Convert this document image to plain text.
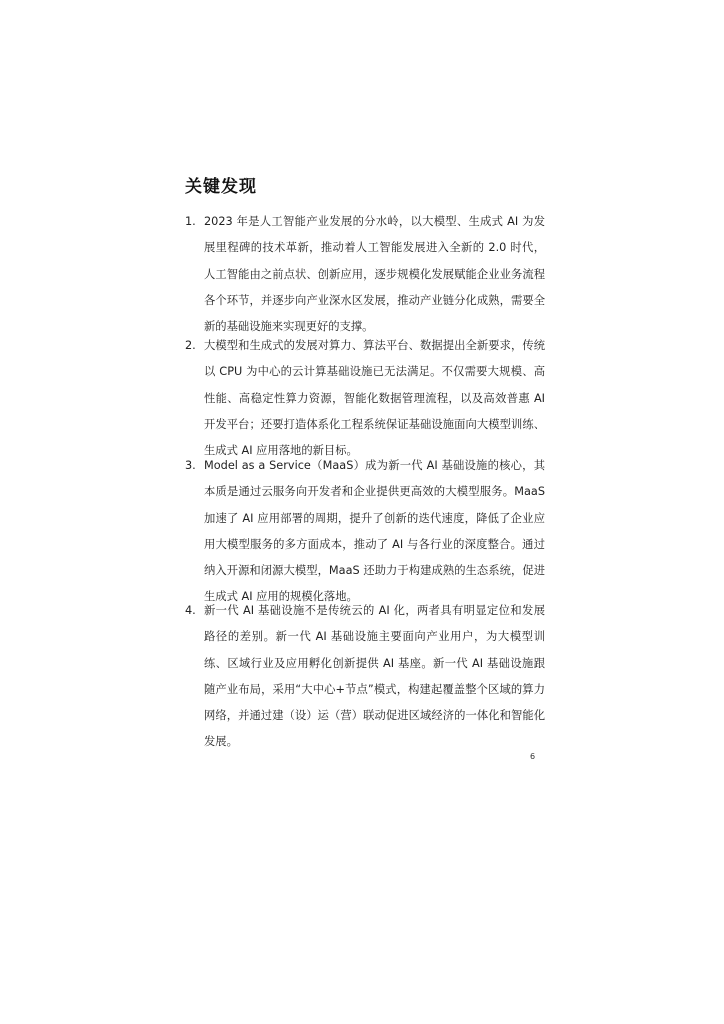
关键发现
1. 2023 年是人工智能产业发展的分水岭，以大模型、生成式 AI 为发展里程碑的技术革新，推动着人工智能发展进入全新的 2.0 时代，人工智能由之前点状、创新应用，逐步规模化发展赋能企业业务流程各个环节，并逐步向产业深水区发展，推动产业链分化成熟，需要全新的基础设施来实现更好的支撑。
2. 大模型和生成式的发展对算力、算法平台、数据提出全新要求，传统以 CPU 为中心的云计算基础设施已无法满足。不仅需要大规模、高性能、高稳定性算力资源，智能化数据管理流程，以及高效普惠 AI 开发平台；还要打造体系化工程系统保证基础设施面向大模型训练、生成式 AI 应用落地的新目标。
3. Model as a Service（MaaS）成为新一代 AI 基础设施的核心，其本质是通过云服务向开发者和企业提供更高效的大模型服务。MaaS 加速了 AI 应用部署的周期，提升了创新的迭代速度，降低了企业应用大模型服务的多方面成本，推动了 AI 与各行业的深度整合。通过纳入开源和闭源大模型，MaaS 还助力于构建成熟的生态系统，促进生成式 AI 应用的规模化落地。
4. 新一代 AI 基础设施不是传统云的 AI 化，两者具有明显定位和发展路径的差别。新一代 AI 基础设施主要面向产业用户，为大模型训练、区域行业及应用孵化创新提供 AI 基座。新一代 AI 基础设施跟随产业布局，采用“大中心+节点”模式，构建起覆盖整个区域的算力网络，并通过建（设）运（营）联动促进区域经济的一体化和智能化发展。
6
